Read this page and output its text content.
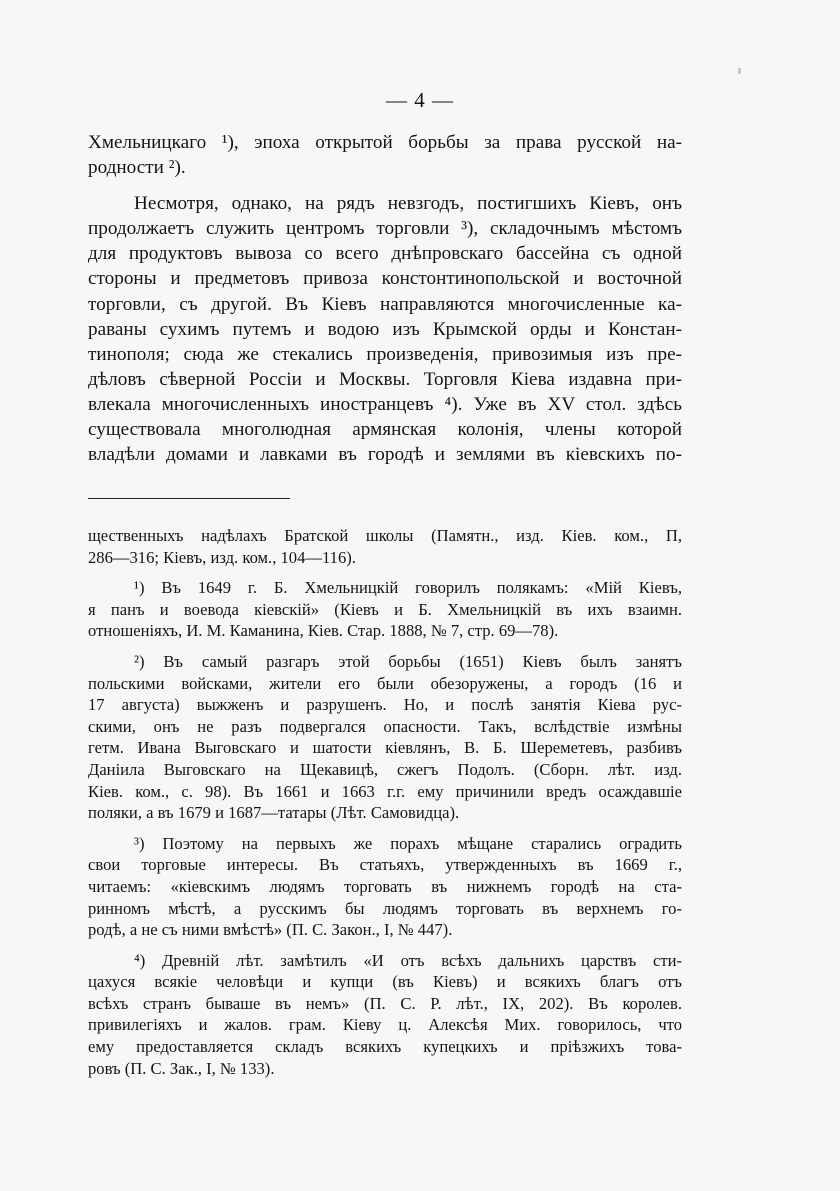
— 4 —
Хмельницкаго ¹), эпоха открытой борьбы за права русской на-
родности ²).
Несмотря, однако, на рядъ невзгодъ, постигшихъ Кіевъ, онъ
продолжаетъ служить центромъ торговли ³), складочнымъ мѣстомъ
для продуктовъ вывоза со всего днѣпровскаго бассейна съ одной
стороны и предметовъ привоза констонтинопольской и восточной
торговли, съ другой. Въ Кіевъ направляются многочисленные ка-
раваны сухимъ путемъ и водою изъ Крымской орды и Констан-
тинополя; сюда же стекались произведенія, привозимыя изъ пре-
дѣловъ сѣверной Россіи и Москвы. Торговля Кіева издавна при-
влекала многочисленныхъ иностранцевъ ⁴). Уже въ XV стол. здѣсь
существовала многолюдная армянская колонія, члены которой
владѣли домами и лавками въ городѣ и землями въ кіевскихъ по-
щественныхъ надѣлахъ Братской школы (Памятн., изд. Кіев. ком., П,
286—316; Кіевъ, изд. ком., 104—116).
¹) Въ 1649 г. Б. Хмельницкій говорилъ полякамъ: «Мій Кіевъ,
я панъ и воевода кіевскій» (Кіевъ и Б. Хмельницкій въ ихъ взаимн.
отношеніяхъ, И. М. Каманина, Кіев. Стар. 1888, № 7, стр. 69—78).
²) Въ самый разгаръ этой борьбы (1651) Кіевъ былъ занятъ
польскими войсками, жители его были обезоружены, а городъ (16 и
17 августа) выжженъ и разрушенъ. Но, и послѣ занятія Кіева рус-
скими, онъ не разъ подвергался опасности. Такъ, вслѣдствіе измѣны
гетм. Ивана Выговскаго и шатости кіевлянъ, В. Б. Шереметевъ, разбивъ
Даніила Выговскаго на Щекавицѣ, сжегъ Подолъ. (Сборн. лѣт. изд.
Кіев. ком., с. 98). Въ 1661 и 1663 г.г. ему причинили вредъ осаждавшіе
поляки, а въ 1679 и 1687—татары (Лѣт. Самовидца).
³) Поэтому на первыхъ же порахъ мѣщане старались оградить
свои торговые интересы. Въ статьяхъ, утвержденныхъ въ 1669 г.,
читаемъ: «кіевскимъ людямъ торговать въ нижнемъ городѣ на ста-
ринномъ мѣстѣ, а русскимъ бы людямъ торговать въ верхнемъ го-
родѣ, а не съ ними вмѣстѣ» (П. С. Закон., I, № 447).
⁴) Древній лѣт. замѣтилъ «И отъ всѣхъ дальнихъ царствъ сти-
цахуся всякіе человѣци и купци (въ Кіевъ) и всякихъ благъ отъ
всѣхъ странъ бываше въ немъ» (П. С. Р. лѣт., IX, 202). Въ королев.
привилегіяхъ и жалов. грам. Кіеву ц. Алексѣя Мих. говорилось, что
ему предоставляется складъ всякихъ купецкихъ и пріѣзжихъ това-
ровъ (П. С. Зак., I, № 133).
